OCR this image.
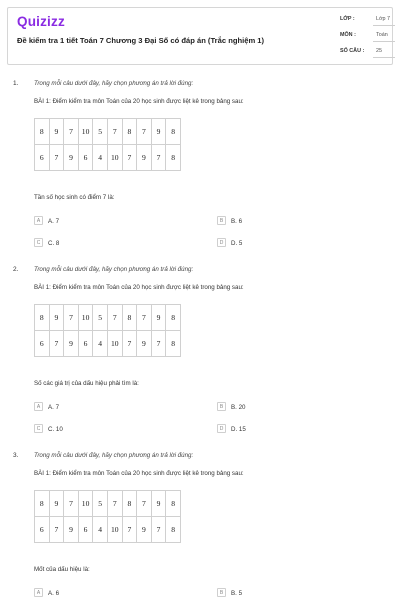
Quizizz
Đề kiểm tra 1 tiết Toán 7 Chương 3 Đại Số có đáp án (Trắc nghiệm 1)
LỚP :	Lớp 7
MÔN :	Toán
SỐ CÂU :	25
1.	Trong mỗi câu dưới đây, hãy chọn phương án trả lời đúng:
BÀI 1: Điểm kiểm tra môn Toán của 20 học sinh được liệt kê trong bảng sau:
8	9	7	10	5	7	8	7	9	8
6	7	9	6	4	10	7	9	7	8
Tần số học sinh có điểm 7 là:
A	A. 7	B	B. 6
C	C. 8	D	D. 5
2.	Trong mỗi câu dưới đây, hãy chọn phương án trả lời đúng:
BÀI 1: Điểm kiểm tra môn Toán của 20 học sinh được liệt kê trong bảng sau:
8	9	7	10	5	7	8	7	9	8
6	7	9	6	4	10	7	9	7	8
Số các giá trị của dấu hiệu phải tìm là:
A	A. 7	B	B. 20
C	C. 10	D	D. 15
3.	Trong mỗi câu dưới đây, hãy chọn phương án trả lời đúng:
BÀI 1: Điểm kiểm tra môn Toán của 20 học sinh được liệt kê trong bảng sau:
8	9	7	10	5	7	8	7	9	8
6	7	9	6	4	10	7	9	7	8
Mốt của dấu hiệu là:
A	A. 6	B	B. 5
